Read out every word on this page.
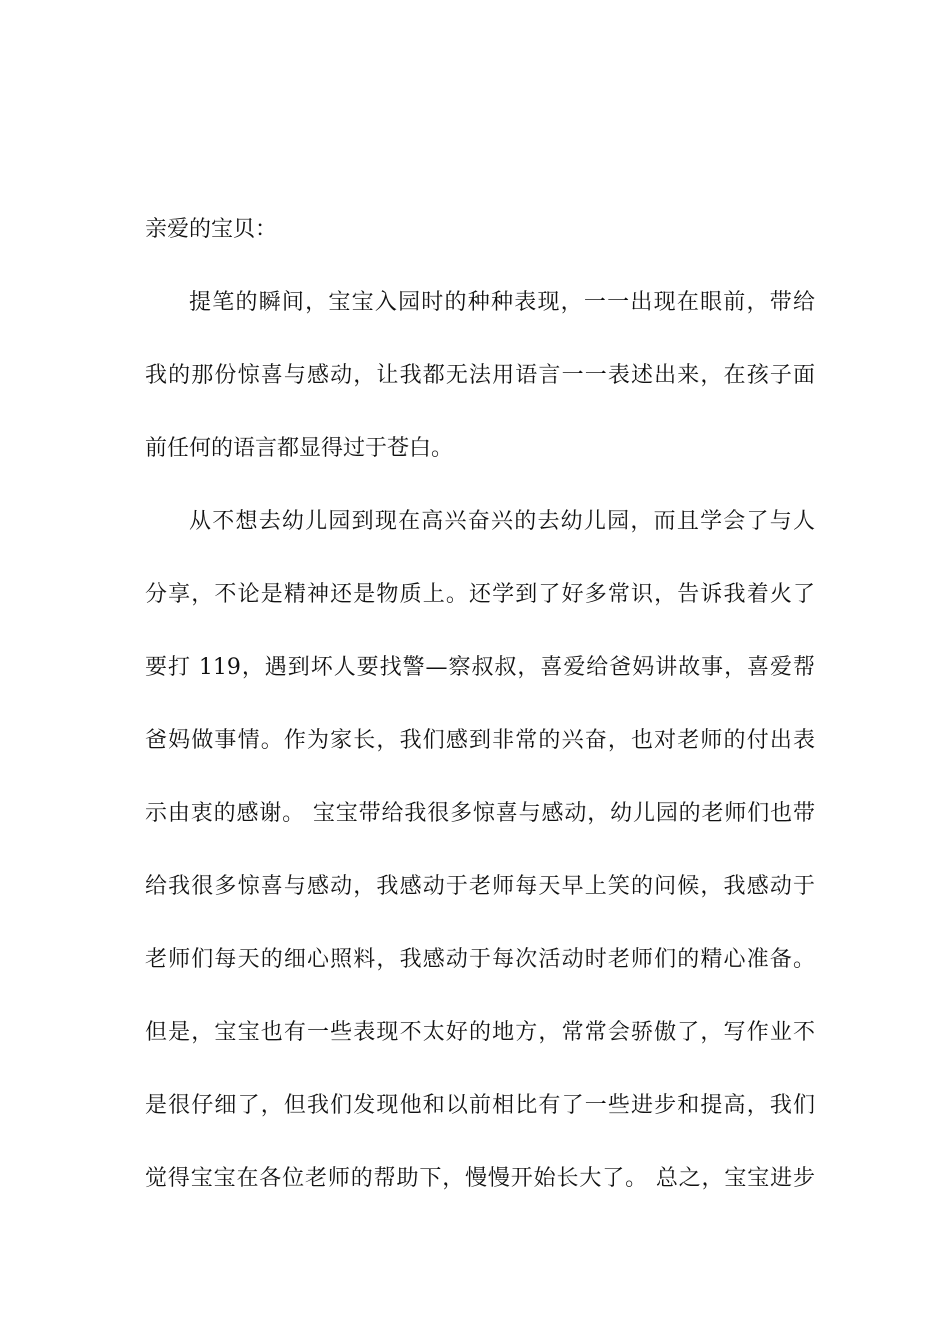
亲爱的宝贝：
提笔的瞬间，宝宝入园时的种种表现，一一出现在眼前，带给
我的那份惊喜与感动，让我都无法用语言一一表述出来，在孩子面
前任何的语言都显得过于苍白。
从不想去幼儿园到现在高兴奋兴的去幼儿园，而且学会了与人
分享，不论是精神还是物质上。还学到了好多常识，告诉我着火了
要打 119，遇到坏人要找警—察叔叔，喜爱给爸妈讲故事，喜爱帮
爸妈做事情。作为家长，我们感到非常的兴奋，也对老师的付出表
示由衷的感谢。 宝宝带给我很多惊喜与感动，幼儿园的老师们也带
给我很多惊喜与感动，我感动于老师每天早上笑的问候，我感动于
老师们每天的细心照料，我感动于每次活动时老师们的精心准备。
但是，宝宝也有一些表现不太好的地方，常常会骄傲了，写作业不
是很仔细了，但我们发现他和以前相比有了一些进步和提高，我们
觉得宝宝在各位老师的帮助下，慢慢开始长大了。 总之，宝宝进步
